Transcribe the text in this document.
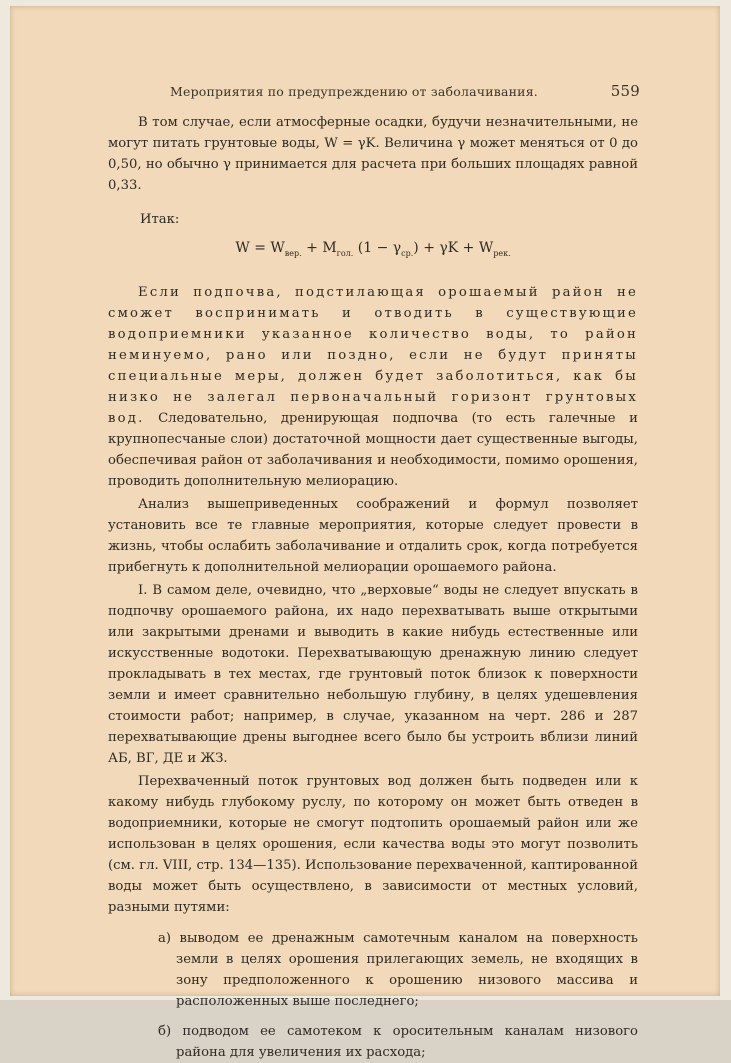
Мероприятия по предупреждению от заболачивания.	559

В том случае, если атмосферные осадки, будучи незначительными, не могут питать грунтовые воды, W = γK. Величина γ может меняться от 0 до 0,50, но обычно γ принимается для расчета при больших площадях равной 0,33.

Итак:

$W = W_{вер.} + M_{гол.}$ $(1 - \gamma_{ср.}) + \gamma K + W_{рек.}$

Если подпочва, подстилающая орошаемый район не сможет воспринимать и отводить в существующие водоприемники указанное количество воды, то район неминуемо, рано или поздно, если не будут приняты специальные меры, должен будет заболотиться, как бы низко не залегал первоначальный горизонт грунтовых вод. Следовательно, дренирующая подпочва (то есть галечные и крупнопесчаные слои) достаточной мощности дает существенные выгоды, обеспечивая район от заболачивания и необходимости, помимо орошения, проводить дополнительную мелиорацию.

Анализ вышеприведенных соображений и формул позволяет установить все те главные мероприятия, которые следует провести в жизнь, чтобы ослабить заболачивание и отдалить срок, когда потребуется прибегнуть к дополнительной мелиорации орошаемого района.

I. В самом деле, очевидно, что „верховые“ воды не следует впускать в подпочву орошаемого района, их надо перехватывать выше открытыми или закрытыми дренами и выводить в какие нибудь естественные или искусственные водотоки. Перехватывающую дренажную линию следует прокладывать в тех местах, где грунтовый поток близок к поверхности земли и имеет сравнительно небольшую глубину, в целях удешевления стоимости работ; например, в случае, указанном на черт. 286 и 287 перехватывающие дрены выгоднее всего было бы устроить вблизи линий АБ, ВГ, ДЕ и ЖЗ.

Перехваченный поток грунтовых вод должен быть подведен или к какому нибудь глубокому руслу, по которому он может быть отведен в водоприемники, которые не смогут подтопить орошаемый район или же использован в целях орошения, если качества воды это могут позволить (см. гл. VIII, стр. 134—135). Использование перехваченной, каптированной воды может быть осуществлено, в зависимости от местных условий, разными путями:

а) выводом ее дренажным самотечным каналом на поверхность земли в целях орошения прилегающих земель, не входящих в зону предположенного к орошению низового массива и расположенных выше последнего;

б) подводом ее самотеком к оросительным каналам низового района для увеличения их расхода;
